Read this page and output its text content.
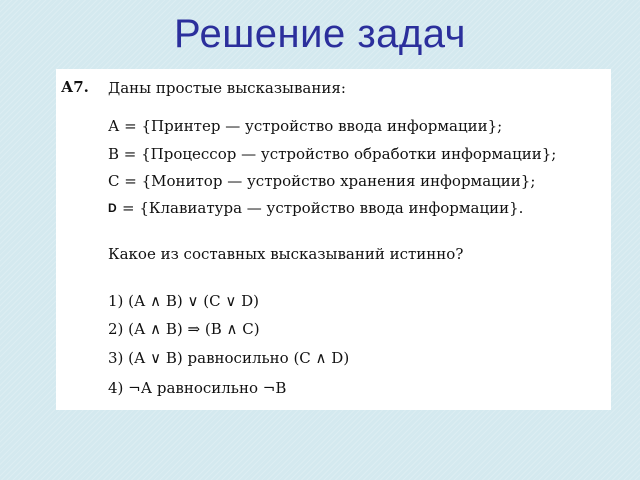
Решение задач
А7. Даны простые высказывания:
А = {Принтер — устройство ввода информации};
В = {Процессор — устройство обработки информации};
С = {Монитор — устройство хранения информации};
D = {Клавиатура — устройство ввода информации}.
Какое из составных высказываний истинно?
1) (А ∧ В) ∨ (С ∨ D)
2) (А ∧ В) ⇒ (В ∧ С)
3) (А ∨ В) равносильно (С ∧ D)
4) ¬А равносильно ¬В
